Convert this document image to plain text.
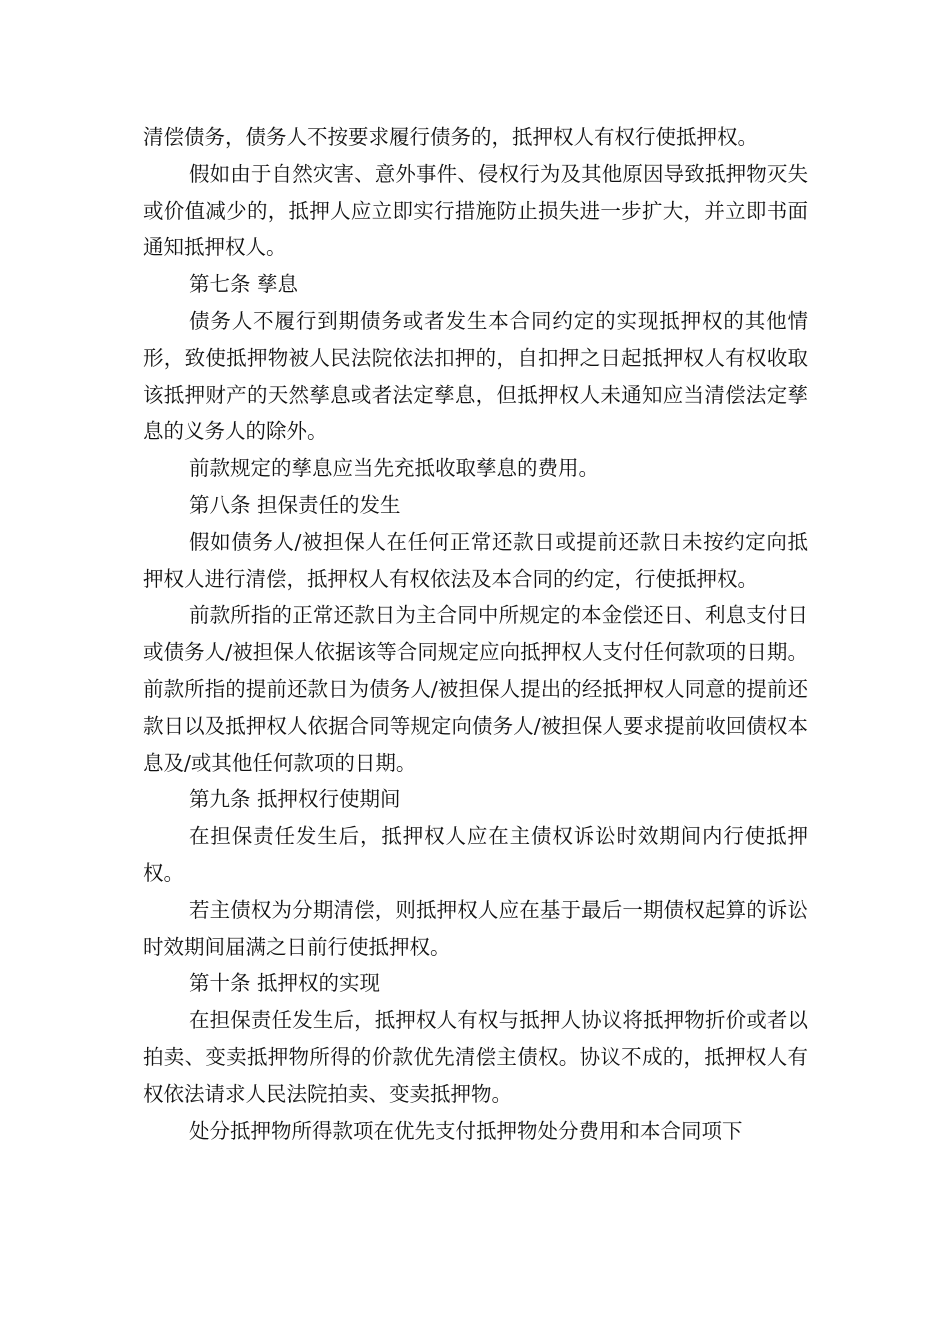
清偿债务，债务人不按要求履行债务的，抵押权人有权行使抵押权。

假如由于自然灾害、意外事件、侵权行为及其他原因导致抵押物灭失或价值减少的，抵押人应立即实行措施防止损失进一步扩大，并立即书面通知抵押权人。

第七条 孳息

债务人不履行到期债务或者发生本合同约定的实现抵押权的其他情形，致使抵押物被人民法院依法扣押的，自扣押之日起抵押权人有权收取该抵押财产的天然孳息或者法定孳息，但抵押权人未通知应当清偿法定孳息的义务人的除外。

前款规定的孳息应当先充抵收取孳息的费用。

第八条 担保责任的发生

假如债务人/被担保人在任何正常还款日或提前还款日未按约定向抵押权人进行清偿，抵押权人有权依法及本合同的约定，行使抵押权。

前款所指的正常还款日为主合同中所规定的本金偿还日、利息支付日或债务人/被担保人依据该等合同规定应向抵押权人支付任何款项的日期。前款所指的提前还款日为债务人/被担保人提出的经抵押权人同意的提前还款日以及抵押权人依据合同等规定向债务人/被担保人要求提前收回债权本息及/或其他任何款项的日期。

第九条 抵押权行使期间

在担保责任发生后，抵押权人应在主债权诉讼时效期间内行使抵押权。

若主债权为分期清偿，则抵押权人应在基于最后一期债权起算的诉讼时效期间届满之日前行使抵押权。

第十条 抵押权的实现

在担保责任发生后，抵押权人有权与抵押人协议将抵押物折价或者以拍卖、变卖抵押物所得的价款优先清偿主债权。协议不成的，抵押权人有权依法请求人民法院拍卖、变卖抵押物。

处分抵押物所得款项在优先支付抵押物处分费用和本合同项下
